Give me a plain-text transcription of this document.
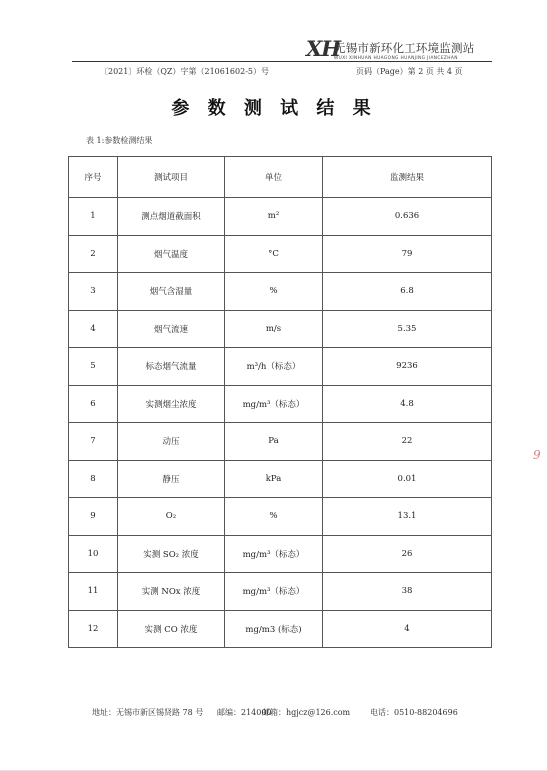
XH
无锡市新环化工环境监测站
WUXI XINHUAN HUAGONG HUANJING JIANCEZHAN
〔2021〕环检（QZ）字第（21061602-5）号	页码（Page）第 2 页 共 4 页
参 数 测 试 结 果
表 1:参数检测结果
序号	测试项目	单位	监测结果
1	测点烟道截面积	m²	0.636
2	烟气温度	°C	79
3	烟气含湿量	%	6.8
4	烟气流速	m/s	5.35
5	标态烟气流量	m³/h（标态）	9236
6	实测烟尘浓度	mg/m³（标态）	4.8
7	动压	Pa	22
8	静压	kPa	0.01
9	O₂	%	13.1
10	实测 SO₂ 浓度	mg/m³（标态）	26
11	实测 NOx 浓度	mg/m³（标态）	38
12	实测 CO 浓度	mg/m3 (标态)	4
地址：无锡市新区锡贤路 78 号 邮编：214000
邮箱：hgjcz@126.com 电话：0510-88204696
9
